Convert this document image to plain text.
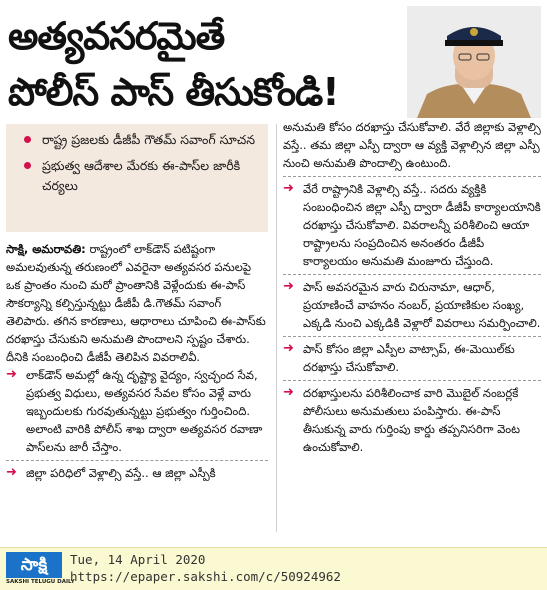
అత్యవసరమైతే
పోలీస్ పాస్ తీసుకోండి!
రాష్ట్ర ప్రజలకు డీజీపీ గౌతమ్ సవాంగ్ సూచన
ప్రభుత్వ ఆదేశాల మేరకు ఈ-పాస్‌ల జారీకి చర్యలు

సాక్షి, అమరావతి: రాష్ట్రంలో లాక్‌డౌన్ పటిష్టంగా అమలవుతున్న తరుణంలో ఎవరైనా అత్యవసర పనులపై ఒక ప్రాంతం నుంచి మరో ప్రాంతానికి వెళ్లేందుకు ఈ-పాస్ సౌకర్యాన్ని కల్పిస్తున్నట్టు డీజీపీ డి.గౌతమ్ సవాంగ్ తెలిపారు. తగిన కారణాలు, ఆధారాలు చూపించి ఈ-పాస్‌కు దరఖాస్తు చేసుకుని అనుమతి పొందాలని స్పష్టం చేశారు. దీనికి సంబంధించి డీజీపీ తెలిపిన వివరాలివీ.

➜ లాక్‌డౌన్ అమల్లో ఉన్న దృష్ట్యా వైద్యం, స్వచ్ఛంద సేవ, ప్రభుత్వ విధులు, అత్యవసర సేవల కోసం వెళ్లే వారు ఇబ్బందులకు గురవుతున్నట్టు ప్రభుత్వం గుర్తించింది. అలాంటి వారికి పోలీస్ శాఖ ద్వారా అత్యవసర రవాణా పాస్‌లను జారీ చేస్తాం.

➜ జిల్లా పరిధిలో వెళ్లాల్సి వస్తే.. ఆ జిల్లా ఎస్పీకి

అనుమతి కోసం దరఖాస్తు చేసుకోవాలి. వేరే జిల్లాకు వెళ్లాల్సి వస్తే.. తమ జిల్లా ఎస్పీ ద్వారా ఆ వ్యక్తి వెళ్లాల్సిన జిల్లా ఎస్పీ నుంచి అనుమతి పొందాల్సి ఉంటుంది.

➜ వేరే రాష్ట్రానికి వెళ్లాల్సి వస్తే.. సదరు వ్యక్తికి సంబంధించిన జిల్లా ఎస్పీ ద్వారా డీజీపీ కార్యాలయానికి దరఖాస్తు చేసుకోవాలి. వివరాలన్నీ పరిశీలించి ఆయా రాష్ట్రాలను సంప్రదించిన అనంతరం డీజీపీ కార్యాలయం అనుమతి మంజూరు చేస్తుంది.

➜ పాస్ అవసరమైన వారు చిరునామా, ఆధార్, ప్రయాణించే వాహనం నంబర్, ప్రయాణికుల సంఖ్య, ఎక్కడి నుంచి ఎక్కడికి వెళ్లారో వివరాలు సమర్పించాలి.

➜ పాస్ కోసం జిల్లా ఎస్పీల వాట్సాప్, ఈ-మెయిల్‌కు దరఖాస్తు చేసుకోవాలి.

➜ దరఖాస్తులను పరిశీలించాక వారి మొబైల్ నంబర్లకే పోలీసులు అనుమతులు పంపిస్తారు. ఈ-పాస్ తీసుకున్న వారు గుర్తింపు కార్డు తప్పనిసరిగా వెంట ఉంచుకోవాలి.

సాక్షి
SAKSHI TELUGU DAILY
Tue, 14 April 2020
https://epaper.sakshi.com/c/50924962
